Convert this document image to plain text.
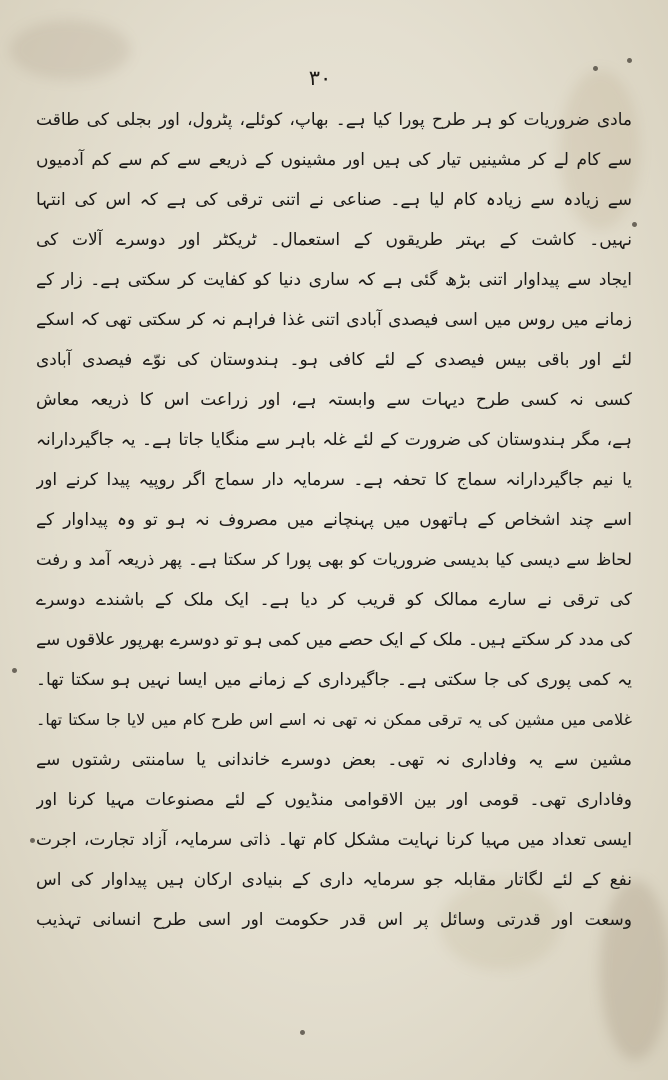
۳۰
مادی ضروریات کو ہر طرح پورا کیا ہے۔ بھاپ، کوئلے، پٹرول، اور بجلی کی طاقت
سے کام لے کر مشینیں تیار کی ہیں اور مشینوں کے ذریعے سے کم سے کم آدمیوں
سے زیادہ سے زیادہ کام لیا ہے۔ صناعی نے اتنی ترقی کی ہے کہ اس کی انتہا
نہیں۔ کاشت کے بہتر طریقوں کے استعمال۔ ٹریکٹر اور دوسرے آلات کی
ایجاد سے پیداوار اتنی بڑھ گئی ہے کہ ساری دنیا کو کفایت کر سکتی ہے۔ زار کے
زمانے میں روس میں اسی فیصدی آبادی اتنی غذا فراہم نہ کر سکتی تھی کہ اسکے
لئے اور باقی بیس فیصدی کے لئے کافی ہو۔ ہندوستان کی نوّے فیصدی آبادی
کسی نہ کسی طرح دیہات سے وابستہ ہے، اور زراعت اس کا ذریعہ معاش
ہے، مگر ہندوستان کی ضرورت کے لئے غلہ باہر سے منگایا جاتا ہے۔ یہ جاگیردارانہ
یا نیم جاگیردارانہ سماج کا تحفہ ہے۔ سرمایہ دار سماج اگر روپیہ پیدا کرنے اور
اسے چند اشخاص کے ہاتھوں میں پہنچانے میں مصروف نہ ہو تو وہ پیداوار کے
لحاظ سے دیسی کیا بدیسی ضروریات کو بھی پورا کر سکتا ہے۔ پھر ذریعہ آمد و رفت
کی ترقی نے سارے ممالک کو قریب کر دیا ہے۔ ایک ملک کے باشندے دوسرے
کی مدد کر سکتے ہیں۔ ملک کے ایک حصے میں کمی ہو تو دوسرے بھرپور علاقوں سے
یہ کمی پوری کی جا سکتی ہے۔ جاگیرداری کے زمانے میں ایسا نہیں ہو سکتا تھا۔
غلامی میں مشین کی یہ ترقی ممکن نہ تھی نہ اسے اس طرح کام میں لایا جا سکتا تھا۔
مشین سے یہ وفاداری نہ تھی۔ بعض دوسرے خاندانی یا سامنتی رشتوں سے
وفاداری تھی۔ قومی اور بین الاقوامی منڈیوں کے لئے مصنوعات مہیا کرنا اور
ایسی تعداد میں مہیا کرنا نہایت مشکل کام تھا۔ ذاتی سرمایہ، آزاد تجارت، اجرت
نفع کے لئے لگاتار مقابلہ جو سرمایہ داری کے بنیادی ارکان ہیں پیداوار کی اس
وسعت اور قدرتی وسائل پر اس قدر حکومت اور اسی طرح انسانی تہذیب
